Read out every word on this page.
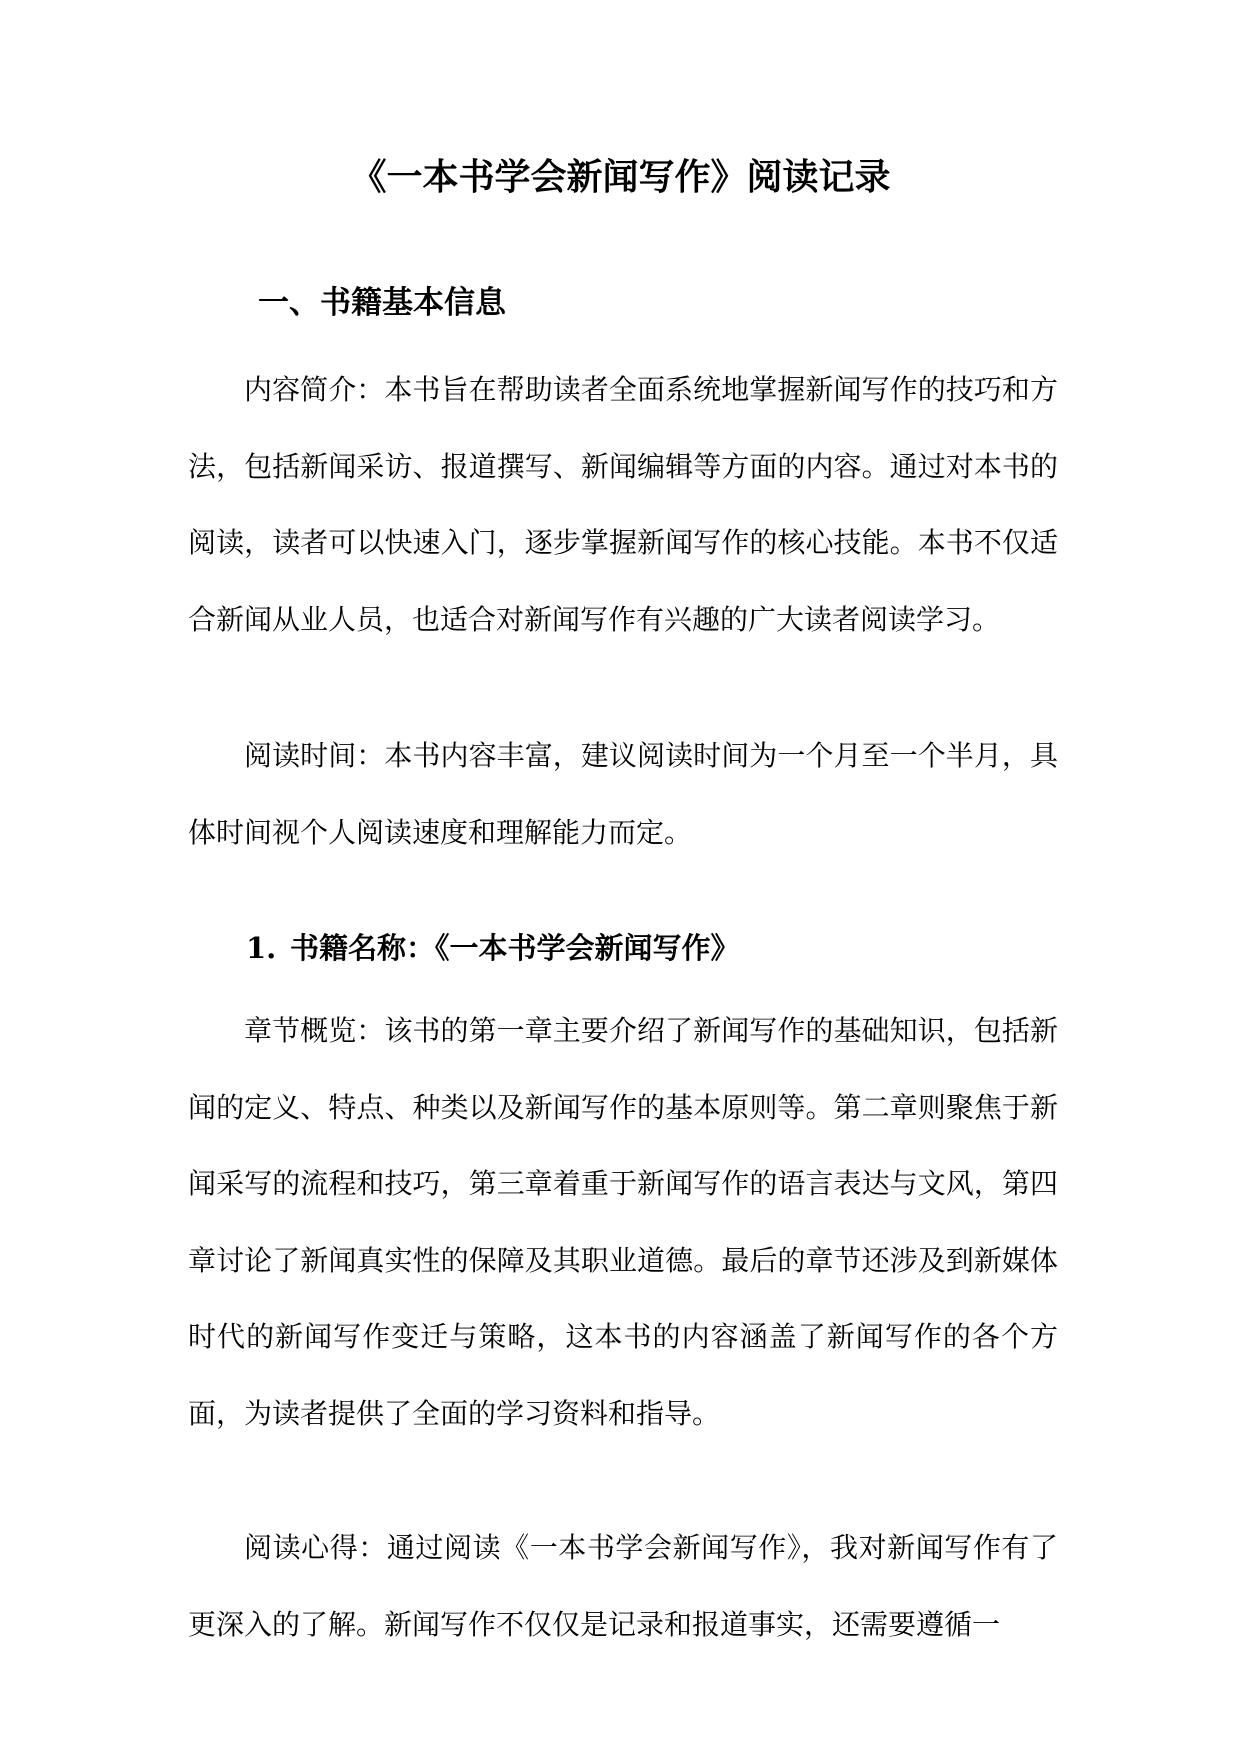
《一本书学会新闻写作》阅读记录
一、书籍基本信息

内容简介：本书旨在帮助读者全面系统地掌握新闻写作的技巧和方法，包括新闻采访、报道撰写、新闻编辑等方面的内容。通过对本书的阅读，读者可以快速入门，逐步掌握新闻写作的核心技能。本书不仅适合新闻从业人员，也适合对新闻写作有兴趣的广大读者阅读学习。

阅读时间：本书内容丰富，建议阅读时间为一个月至一个半月，具体时间视个人阅读速度和理解能力而定。

1. 书籍名称：《一本书学会新闻写作》

章节概览：该书的第一章主要介绍了新闻写作的基础知识，包括新闻的定义、特点、种类以及新闻写作的基本原则等。第二章则聚焦于新闻采写的流程和技巧，第三章着重于新闻写作的语言表达与文风，第四章讨论了新闻真实性的保障及其职业道德。最后的章节还涉及到新媒体时代的新闻写作变迁与策略，这本书的内容涵盖了新闻写作的各个方面，为读者提供了全面的学习资料和指导。

阅读心得：通过阅读《一本书学会新闻写作》，我对新闻写作有了更深入的了解。新闻写作不仅仅是记录和报道事实，还需要遵循一
